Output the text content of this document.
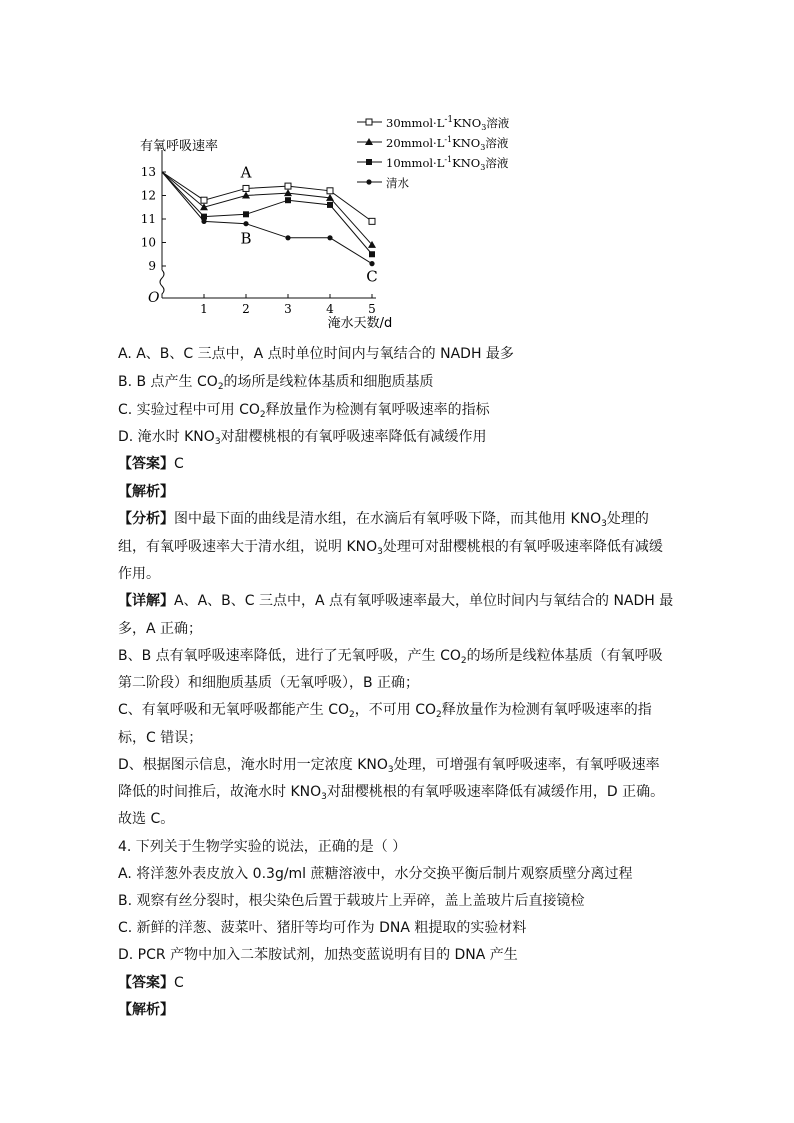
有氧呼吸速率
9
10
11
12
13
1	2	3	4	5
O
淹水天数/d
A
B
C
$30mmol\cdot L^{-1}KNO_3$溶液
$20mmol\cdot L^{-1}KNO_3$溶液
$10mmol\cdot L^{-1}KNO_3$溶液
清水
A. A、B、C 三点中，A 点时单位时间内与氧结合的 NADH 最多
B. B 点产生 $CO_2$的场所是线粒体基质和细胞质基质
C. 实验过程中可用 $CO_2$释放量作为检测有氧呼吸速率的指标
D. 淹水时 $KNO_3$对甜樱桃根的有氧呼吸速率降低有减缓作用
【答案】C
【解析】
【分析】图中最下面的曲线是清水组，在水滴后有氧呼吸下降，而其他用 $KNO_3$处理的
组，有氧呼吸速率大于清水组，说明 $KNO_3$处理可对甜樱桃根的有氧呼吸速率降低有减缓
作用。
【详解】A、A、B、C 三点中，A 点有氧呼吸速率最大，单位时间内与氧结合的 NADH 最
多，A 正确；
B、B 点有氧呼吸速率降低，进行了无氧呼吸，产生 $CO_2$的场所是线粒体基质（有氧呼吸
第二阶段）和细胞质基质（无氧呼吸），B 正确；
C、有氧呼吸和无氧呼吸都能产生 $CO_2$，不可用 $CO_2$释放量作为检测有氧呼吸速率的指
标，C 错误；
D、根据图示信息，淹水时用一定浓度 $KNO_3$处理，可增强有氧呼吸速率，有氧呼吸速率
降低的时间推后，故淹水时 $KNO_3$对甜樱桃根的有氧呼吸速率降低有减缓作用，D 正确。
故选 C。
4. 下列关于生物学实验的说法，正确的是（ ）
A. 将洋葱外表皮放入 0.3g/ml 蔗糖溶液中，水分交换平衡后制片观察质壁分离过程
B. 观察有丝分裂时，根尖染色后置于载玻片上弄碎，盖上盖玻片后直接镜检
C. 新鲜的洋葱、菠菜叶、猪肝等均可作为 DNA 粗提取的实验材料
D. PCR 产物中加入二苯胺试剂，加热变蓝说明有目的 DNA 产生
【答案】C
【解析】
